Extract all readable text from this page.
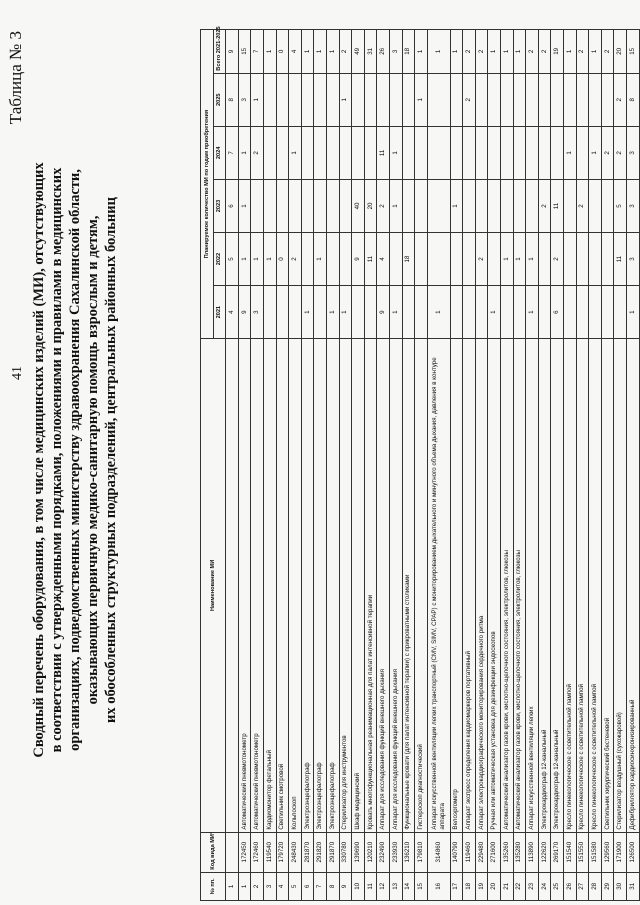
41
Таблица № 3
Сводный перечень оборудования, в том числе медицинских изделий (МИ), отсутствующих в соответствии с утвержденными порядками, положениями и правилами в медицинских организациях, подведомственных министерству здравоохранения Сахалинской области, оказывающих первичную медико-санитарную помощь взрослым и детям, их обособленных структурных подразделений, центральных районных больниц
№ пп.	Код вида МИ¹	Наименование МИ	Планируемое количество МИ по годам приобретения					
			2021	2022	2023	2024	2025	Всего 2021-2025
1			4	5	6	7	8	9
1	172450	Автоматический пневмотонометр	9	1	1	1	3	15
2	172460	Автоматический пневмотонометр	3	1		2	1	7
3	119540	Кардиомонитор фетальный		1				1
4	179720	Светильник смотровой		0				0
5	248430	Кольпоскоп		2		1		4
6	281870	Электроэнцефалограф	1					1
7	291820	Электроэнцефалограф		1				1
8	291870	Электроэнцефалограф	1					1
9	330780	Стерилизатор для инструментов	1				1	2
10	139690	Шкаф медицинский		9	40			49
11	120210	Кровать многофункциональная реанимационная для палат интенсивной терапии		11	20			31
12	232490	Аппарат для исследования функций внешнего дыхания	9	4	2	11		26
13	233930	Аппарат для исследования функций внешнего дыхания	1		1	1		3
14	136210	Функциональные кровати (для палат интенсивной терапии) с прикроватными столиками		18				18
15	179810	Гистероскоп диагностический					1	1
16	314860	Аппарат искусственной вентиляции легких транспортный (CMV, SIMV, CPAP) с мониторированием дыхательного и минутного объема дыхания, давления в контуре аппарата	1					1
17	140790	Велоэргометр			1			1
18	119460	Аппарат экспресс определения кардиомаркеров портативный					2	2
19	229480	Аппарат электрокардиографического мониторирования сердечного ритма		2				2
20	271600	Ручная или автоматическая установка для дезинфекции эндоскопов	1					1
21	135260	Автоматический анализатор газов крови, кислотно-щелочного состояния, электролитов, глюкозы		1				1
22	135280	Автоматический анализатор газов крови, кислотно-щелочного состояния, электролитов, глюкозы		1				1
23	113890	Аппарат искусственной вентиляции легких	1	1				2
24	122620	Электрокардиограф 12-канальный			2			2
25	269170	Электрокардиограф 12-канальный	6	2	11			19
26	151540	Кресло гинекологическое с осветительной лампой				1		1
27	151550	Кресло гинекологическое с осветительной лампой			2			2
28	151580	Кресло гинекологическое с осветительной лампой				1		1
29	129560	Светильник хирургический бестеневой				2		2
30	171900	Стерилизатор воздушный (сухожаровой)		11	5	2	2	20
31	126500	Дефибриллятор кардиосинхронизированный	1	3	3	3	8	15
